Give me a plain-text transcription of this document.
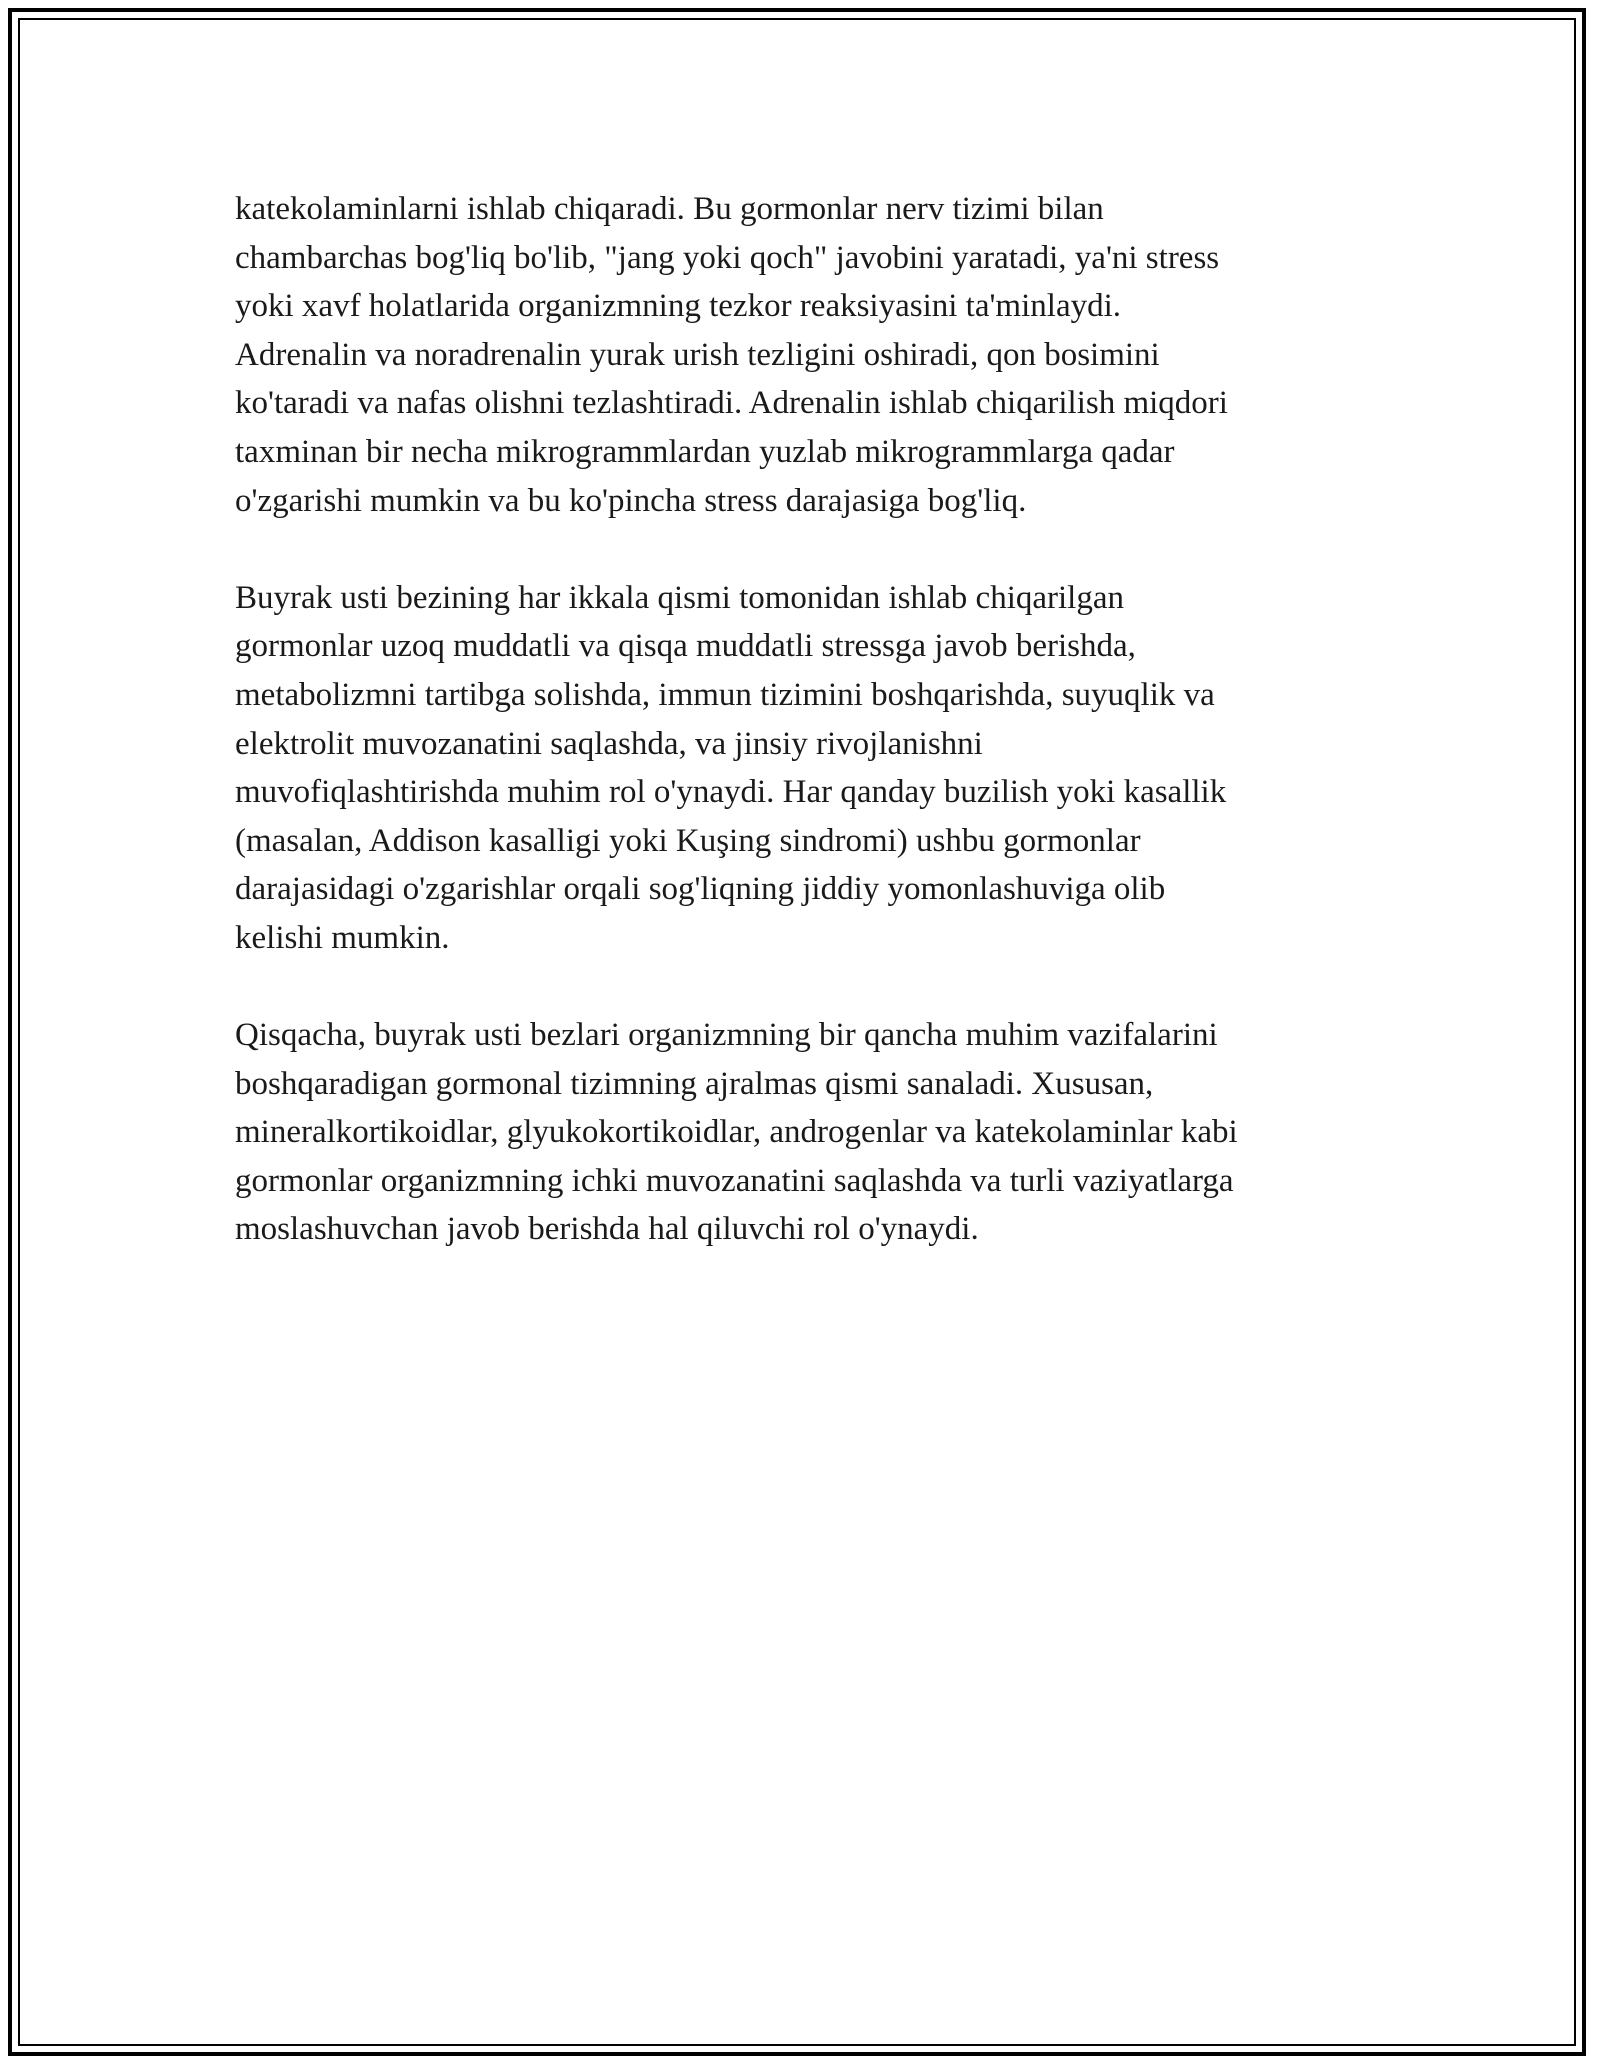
katekolaminlarni ishlab chiqaradi. Bu gormonlar nerv tizimi bilan
chambarchas bog'liq bo'lib, "jang yoki qoch" javobini yaratadi, ya'ni stress
yoki xavf holatlarida organizmning tezkor reaksiyasini ta'minlaydi.
Adrenalin va noradrenalin yurak urish tezligini oshiradi, qon bosimini
ko'taradi va nafas olishni tezlashtiradi. Adrenalin ishlab chiqarilish miqdori
taxminan bir necha mikrogrammlardan yuzlab mikrogrammlarga qadar
o'zgarishi mumkin va bu ko'pincha stress darajasiga bog'liq.

Buyrak usti bezining har ikkala qismi tomonidan ishlab chiqarilgan
gormonlar uzoq muddatli va qisqa muddatli stressga javob berishda,
metabolizmni tartibga solishda, immun tizimini boshqarishda, suyuqlik va
elektrolit muvozanatini saqlashda, va jinsiy rivojlanishni
muvofiqlashtirishda muhim rol o'ynaydi. Har qanday buzilish yoki kasallik
(masalan, Addison kasalligi yoki Kuşing sindromi) ushbu gormonlar
darajasidagi o'zgarishlar orqali sog'liqning jiddiy yomonlashuviga olib
kelishi mumkin.

Qisqacha, buyrak usti bezlari organizmning bir qancha muhim vazifalarini
boshqaradigan gormonal tizimning ajralmas qismi sanaladi. Xususan,
mineralkortikoidlar, glyukokortikoidlar, androgenlar va katekolaminlar kabi
gormonlar organizmning ichki muvozanatini saqlashda va turli vaziyatlarga
moslashuvchan javob berishda hal qiluvchi rol o'ynaydi.
